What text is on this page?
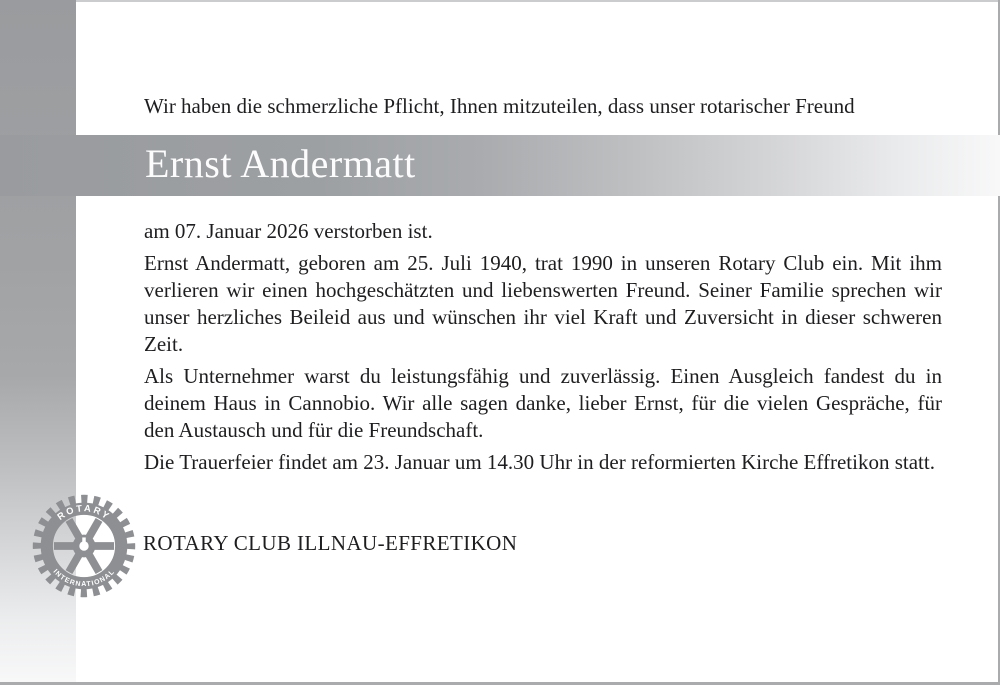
Wir haben die schmerzliche Pflicht, Ihnen mitzuteilen, dass unser rotarischer Freund
Ernst Andermatt
am 07. Januar 2026 verstorben ist.
Ernst Andermatt, geboren am 25. Juli 1940, trat 1990 in unseren Rotary Club ein. Mit ihm
verlieren wir einen hochgeschätzten und liebenswerten Freund. Seiner Familie sprechen wir
unser herzliches Beileid aus und wünschen ihr viel Kraft und Zuversicht in dieser schweren
Zeit.
Als Unternehmer warst du leistungsfähig und zuverlässig. Einen Ausgleich fandest du in
deinem Haus in Cannobio. Wir alle sagen danke, lieber Ernst, für die vielen Gespräche, für
den Austausch und für die Freundschaft.
Die Trauerfeier findet am 23. Januar um 14.30 Uhr in der reformierten Kirche Effretikon statt.
ROTARY
INTERNATIONAL
ROTARY CLUB ILLNAU-EFFRETIKON
